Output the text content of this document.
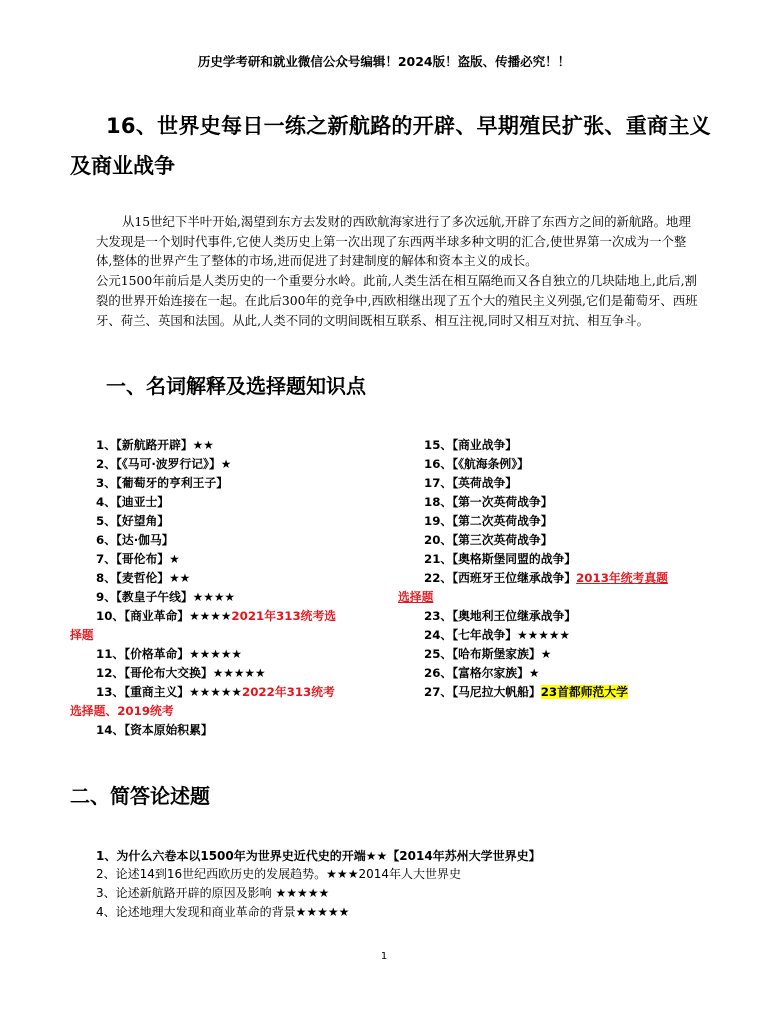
历史学考研和就业微信公众号编辑！2024版！盗版、传播必究！！
16、世界史每日一练之新航路的开辟、早期殖民扩张、重商主义
及商业战争

从15世纪下半叶开始,渴望到东方去发财的西欧航海家进行了多次远航,开辟了东西方之间的新航路。地理大发现是一个划时代事件,它使人类历史上第一次出现了东西两半球多种文明的汇合,使世界第一次成为一个整体,整体的世界产生了整体的市场,进而促进了封建制度的解体和资本主义的成长。

公元1500年前后是人类历史的一个重要分水岭。此前,人类生活在相互隔绝而又各自独立的几块陆地上,此后,割裂的世界开始连接在一起。在此后300年的竞争中,西欧相继出现了五个大的殖民主义列强,它们是葡萄牙、西班牙、荷兰、英国和法国。从此,人类不同的文明间既相互联系、相互注视,同时又相互对抗、相互争斗。

一、名词解释及选择题知识点
1、【新航路开辟】★★
2、【《马可·波罗行记》】★
3、【葡萄牙的亨利王子】
4、【迪亚士】
5、【好望角】
6、【达·伽马】
7、【哥伦布】★
8、【麦哲伦】★★
9、【教皇子午线】★★★★
10、【商业革命】★★★★2021年313统考选
择题
11、【价格革命】★★★★★
12、【哥伦布大交换】★★★★★
13、【重商主义】★★★★★2022年313统考
选择题、2019统考
14、【资本原始积累】
15、【商业战争】
16、【《航海条例》】
17、【英荷战争】
18、【第一次英荷战争】
19、【第二次英荷战争】
20、【第三次英荷战争】
21、【奥格斯堡同盟的战争】
22、【西班牙王位继承战争】2013年统考真题
选择题
23、【奥地利王位继承战争】
24、【七年战争】★★★★★
25、【哈布斯堡家族】★
26、【富格尔家族】★
27、【马尼拉大帆船】23首都师范大学
二、简答论述题
1、为什么六卷本以1500年为世界史近代史的开端★★【2014年苏州大学世界史】
2、论述14到16世纪西欧历史的发展趋势。★★★2014年人大世界史
3、论述新航路开辟的原因及影响 ★★★★★
4、论述地理大发现和商业革命的背景★★★★★
1
